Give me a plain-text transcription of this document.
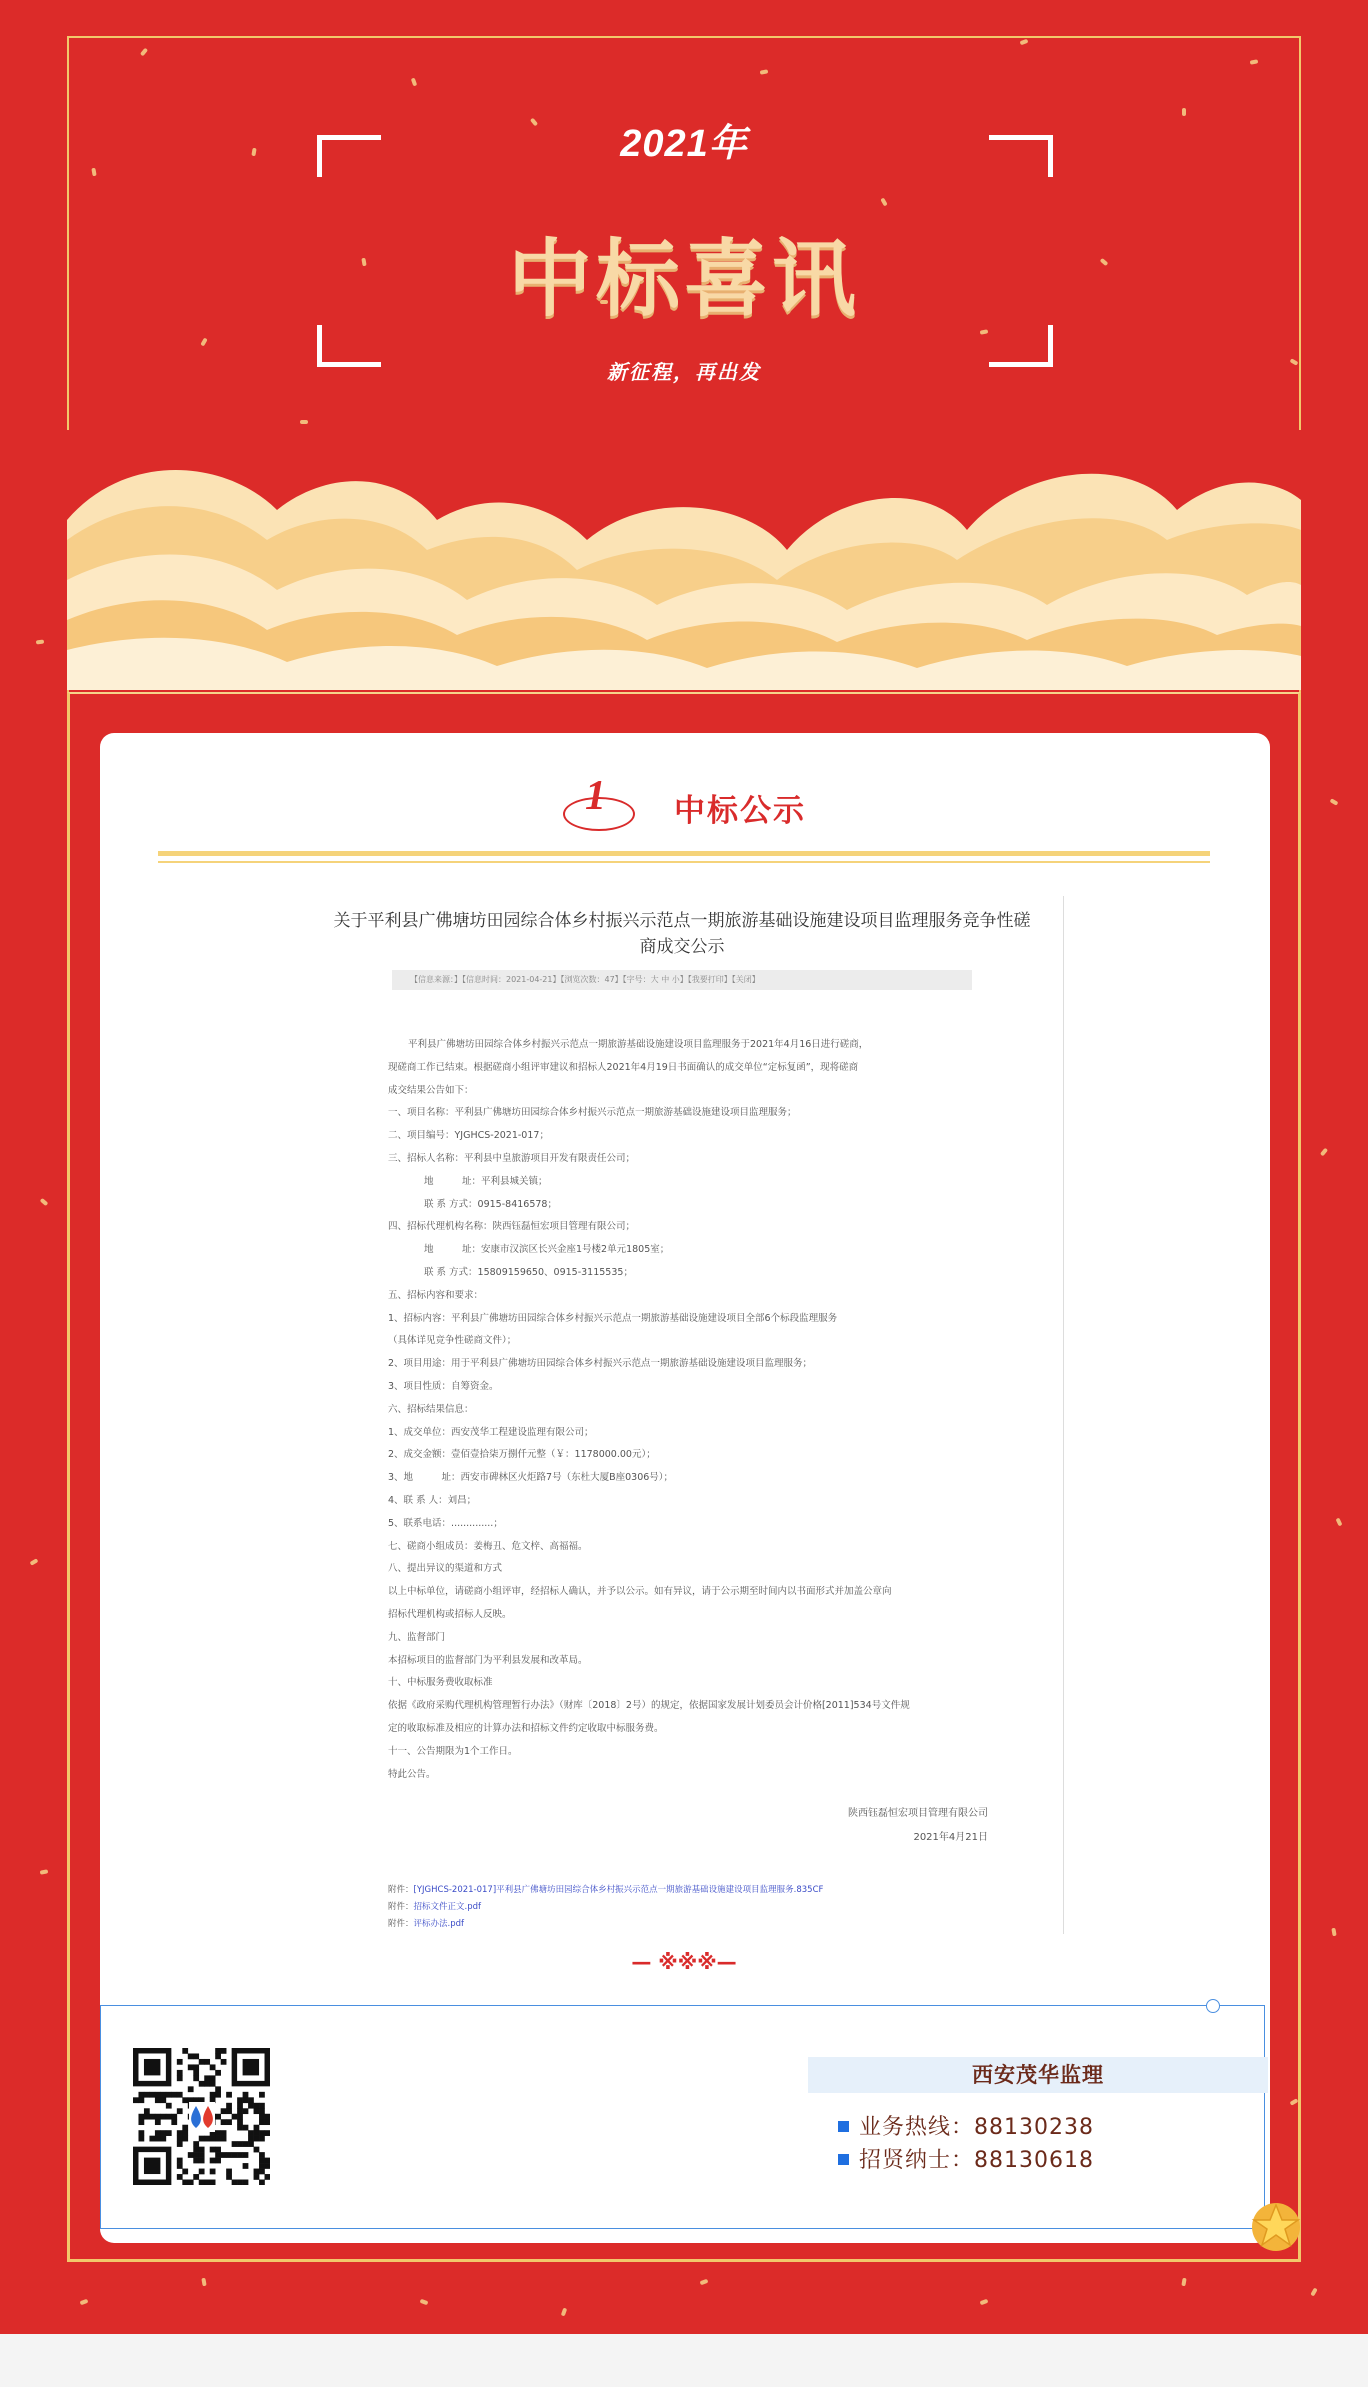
2021年
中标喜讯
新征程，再出发
1 中标公示
关于平利县广佛塘坊田园综合体乡村振兴示范点一期旅游基础设施建设项目监理服务竞争性磋
商成交公示
【信息来源：】【信息时间：2021-04-21】【浏览次数：47】【字号：大 中 小】【我要打印】【关闭】
平利县广佛塘坊田园综合体乡村振兴示范点一期旅游基础设施建设项目监理服务于2021年4月16日进行磋商，
现磋商工作已结束。根据磋商小组评审建议和招标人2021年4月19日书面确认的成交单位“定标复函”，现将磋商
成交结果公告如下：
一、项目名称：平利县广佛塘坊田园综合体乡村振兴示范点一期旅游基础设施建设项目监理服务；
二、项目编号：YJGHCS-2021-017；
三、招标人名称：平利县中皇旅游项目开发有限责任公司；
地　　　址：平利县城关镇；
联 系 方式：0915-8416578；
四、招标代理机构名称：陕西钰磊恒宏项目管理有限公司；
地　　　址：安康市汉滨区长兴金座1号楼2单元1805室；
联 系 方式：15809159650、0915-3115535；
五、招标内容和要求：
1、招标内容：平利县广佛塘坊田园综合体乡村振兴示范点一期旅游基础设施建设项目全部6个标段监理服务
（具体详见竞争性磋商文件）；
2、项目用途：用于平利县广佛塘坊田园综合体乡村振兴示范点一期旅游基础设施建设项目监理服务；
3、项目性质：自筹资金。
六、招标结果信息：
1、成交单位：西安茂华工程建设监理有限公司；
2、成交金额：壹佰壹拾柒万捌仟元整（￥：1178000.00元）；
3、地　　　址：西安市碑林区火炬路7号（东杜大厦B座0306号）；
4、联 系 人：刘昌；
5、联系电话：..............；
七、磋商小组成员：姜梅丑、危文梓、高福福。
八、提出异议的渠道和方式
以上中标单位，请磋商小组评审，经招标人确认，并予以公示。如有异议，请于公示期至时间内以书面形式并加盖公章向
招标代理机构或招标人反映。
九、监督部门
本招标项目的监督部门为平利县发展和改革局。
十、中标服务费收取标准
依据《政府采购代理机构管理暂行办法》（财库〔2018〕2号）的规定，依据国家发展计划委员会计价格[2011]534号文件规
定的收取标准及相应的计算办法和招标文件约定收取中标服务费。
十一、公告期限为1个工作日。
特此公告。
陕西钰磊恒宏项目管理有限公司
2021年4月21日
附件：[YJGHCS-2021-017]平利县广佛塘坊田园综合体乡村振兴示范点一期旅游基础设施建设项目监理服务.835CF
附件：招标文件正文.pdf
附件：评标办法.pdf
— ※※※—
西安茂华监理
业务热线：88130238
招贤纳士：88130618
